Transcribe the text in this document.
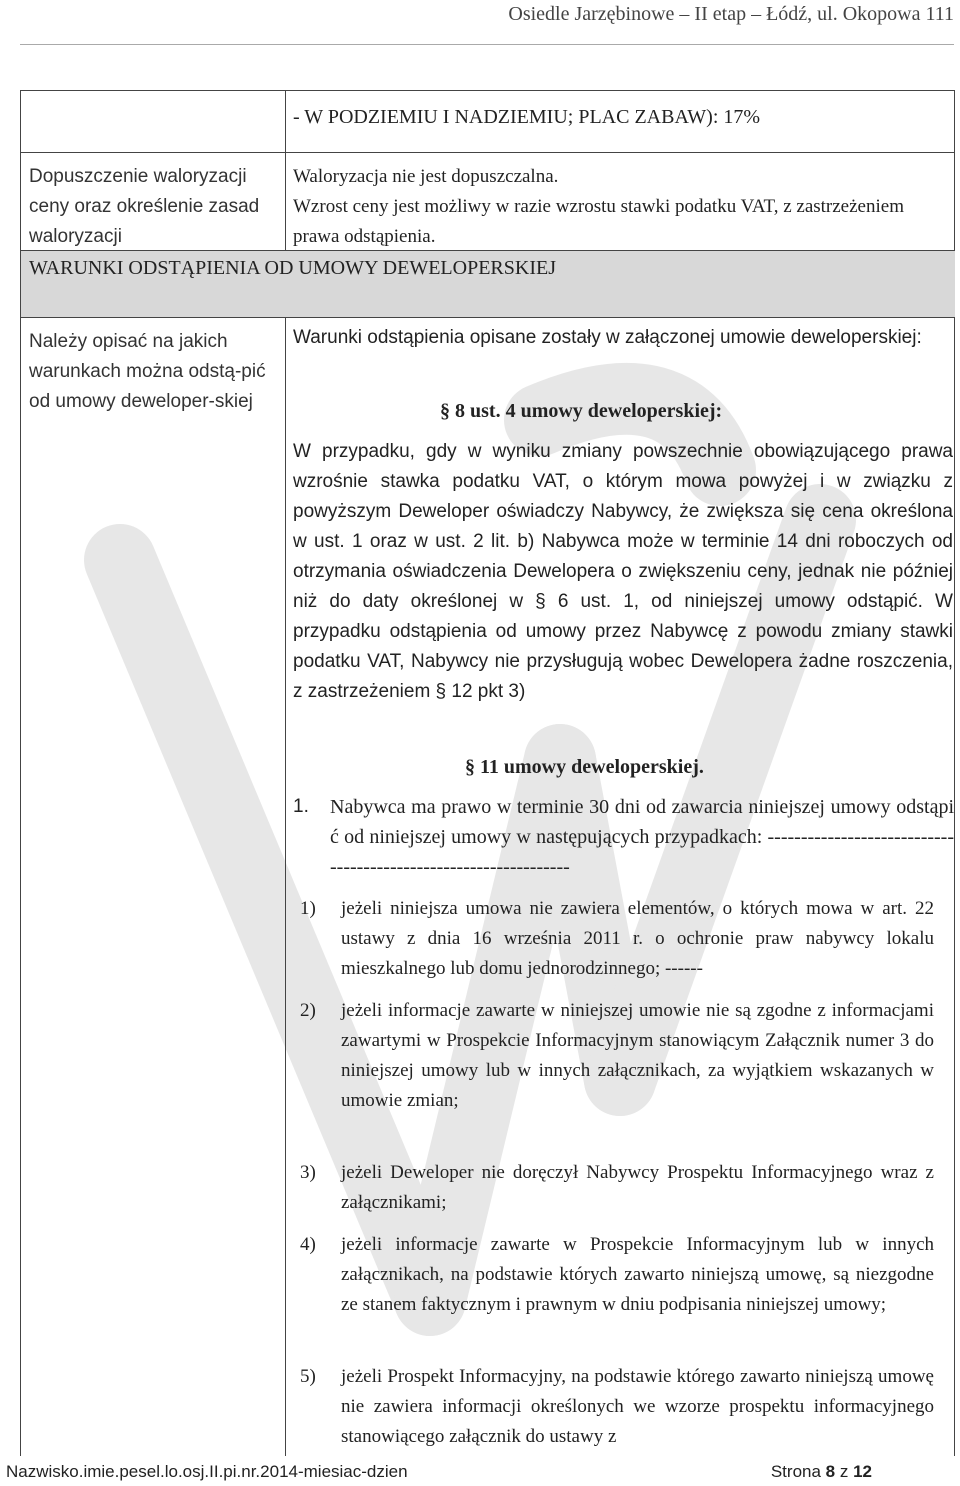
Osiedle Jarzębinowe – II etap – Łódź, ul. Okopowa 111
- W PODZIEMIU I NADZIEMIU; PLAC ZABAW): 17%
Dopuszczenie waloryzacji ceny oraz określenie zasad waloryzacji
Waloryzacja nie jest dopuszczalna.
Wzrost ceny jest możliwy w razie wzrostu stawki podatku VAT, z zastrzeżeniem prawa odstąpienia.
WARUNKI ODSTĄPIENIA OD UMOWY DEWELOPERSKIEJ
Należy opisać na jakich warunkach można odstą-pić od umowy deweloper-skiej
Warunki odstąpienia opisane zostały w załączonej umowie deweloperskiej:
§ 8 ust. 4 umowy deweloperskiej:
W przypadku, gdy w wyniku zmiany powszechnie obowiązującego prawa wzrośnie stawka podatku VAT, o którym mowa powyżej i w związku z powyższym Deweloper oświadczy Nabywcy, że zwiększa się cena określona w ust. 1 oraz w ust. 2 lit. b) Nabywca może w terminie 14 dni roboczych od otrzymania oświadczenia Dewelopera o zwiększeniu ceny, jednak nie później niż do daty określonej w § 6 ust. 1, od niniejszej umowy odstąpić. W przypadku odstąpienia od umowy przez Nabywcę z powodu zmiany stawki podatku VAT, Nabywcy nie przysługują wobec Dewelopera żadne roszczenia, z zastrzeżeniem § 12 pkt 3)
§ 11 umowy deweloperskiej.
1.	Nabywca ma prawo w terminie 30 dni od zawarcia niniejszej umowy odstąpić od niniejszej umowy w następujących przypadkach: ----------------------------------------------------------------
1) jeżeli niniejsza umowa nie zawiera elementów, o których mowa w art. 22 ustawy z dnia 16 września 2011 r. o ochronie praw nabywcy lokalu mieszkalnego lub domu jednorodzinnego; ------
2) jeżeli informacje zawarte w niniejszej umowie nie są zgodne z informacjami zawartymi w Prospekcie Informacyjnym stanowiącym Załącznik numer 3 do niniejszej umowy lub w innych załącznikach, za wyjątkiem wskazanych w umowie zmian;
3) jeżeli Deweloper nie doręczył Nabywcy Prospektu Informacyjnego wraz z załącznikami;
4) jeżeli informacje zawarte w Prospekcie Informacyjnym lub w innych załącznikach, na podstawie których zawarto niniejszą umowę, są niezgodne ze stanem faktycznym i prawnym w dniu podpisania niniejszej umowy;
5) jeżeli Prospekt Informacyjny, na podstawie którego zawarto niniejszą umowę nie zawiera informacji określonych we wzorze prospektu informacyjnego stanowiącego załącznik do ustawy z
Nazwisko.imie.pesel.lo.osj.II.pi.nr.2014-miesiac-dzien	Strona 8 z 12
